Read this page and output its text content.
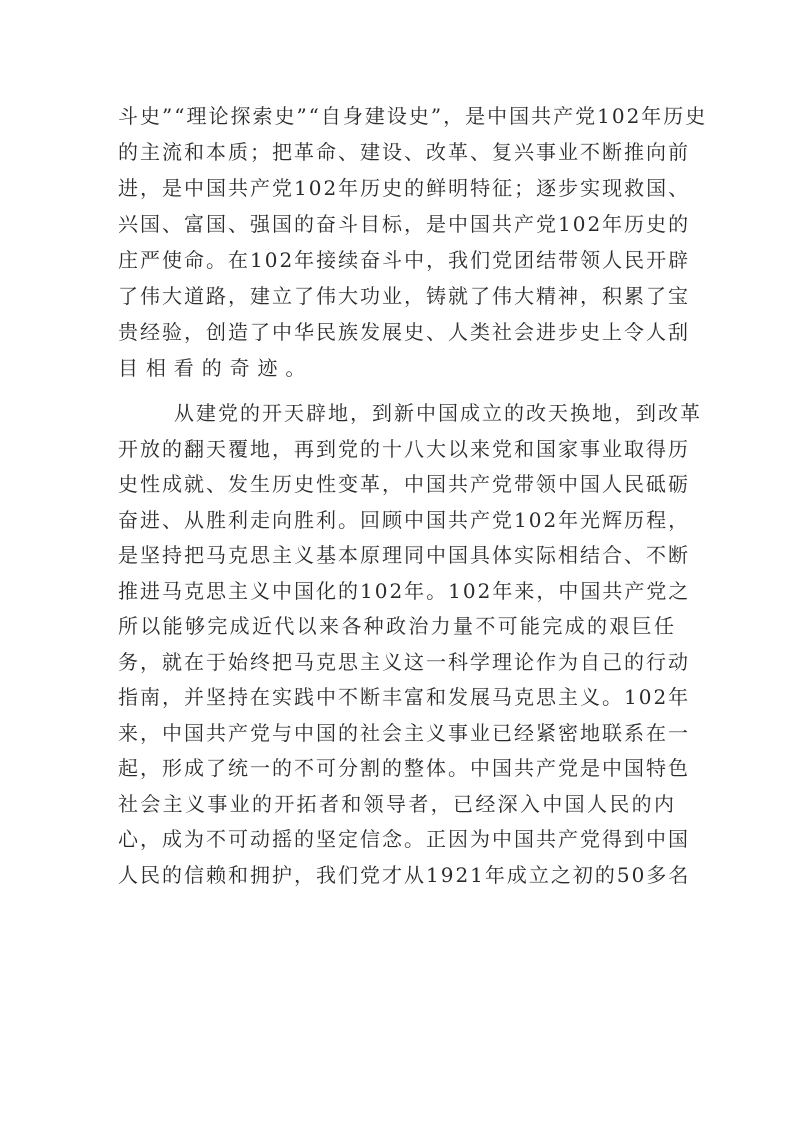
斗史”“理论探索史”“自身建设史”，是中国共产党102年历史
的主流和本质；把革命、建设、改革、复兴事业不断推向前
进，是中国共产党102年历史的鲜明特征；逐步实现救国、
兴国、富国、强国的奋斗目标，是中国共产党102年历史的
庄严使命。在102年接续奋斗中，我们党团结带领人民开辟
了伟大道路，建立了伟大功业，铸就了伟大精神，积累了宝
贵经验，创造了中华民族发展史、人类社会进步史上令人刮
目相看的奇迹。
从建党的开天辟地，到新中国成立的改天换地，到改革
开放的翻天覆地，再到党的十八大以来党和国家事业取得历
史性成就、发生历史性变革，中国共产党带领中国人民砥砺
奋进、从胜利走向胜利。回顾中国共产党102年光辉历程，
是坚持把马克思主义基本原理同中国具体实际相结合、不断
推进马克思主义中国化的102年。102年来，中国共产党之
所以能够完成近代以来各种政治力量不可能完成的艰巨任
务，就在于始终把马克思主义这一科学理论作为自己的行动
指南，并坚持在实践中不断丰富和发展马克思主义。102年
来，中国共产党与中国的社会主义事业已经紧密地联系在一
起，形成了统一的不可分割的整体。中国共产党是中国特色
社会主义事业的开拓者和领导者，已经深入中国人民的内
心，成为不可动摇的坚定信念。正因为中国共产党得到中国
人民的信赖和拥护，我们党才从1921年成立之初的50多名
